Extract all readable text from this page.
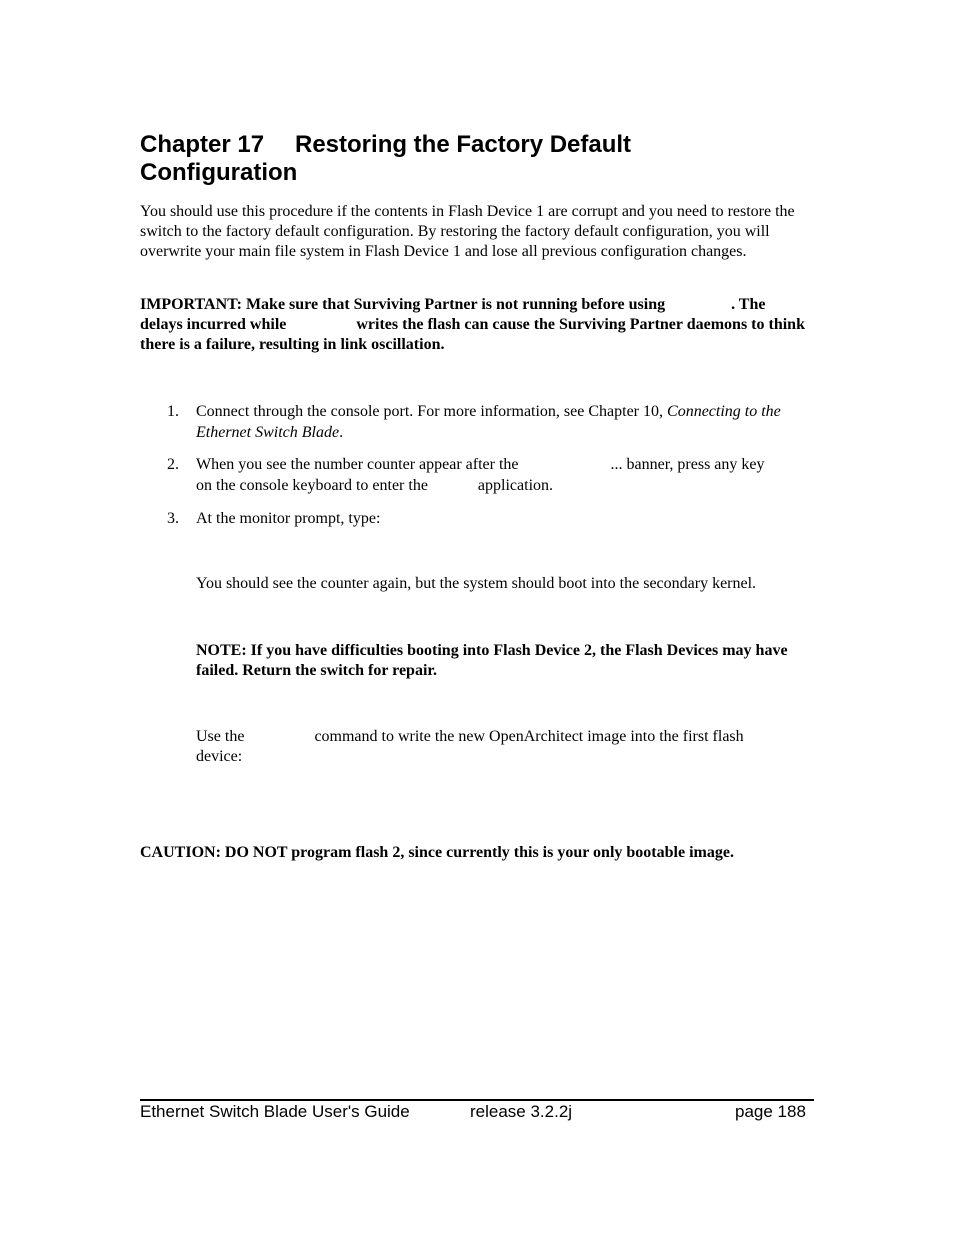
Chapter 17 Restoring the Factory Default
Configuration
You should use this procedure if the contents in Flash Device 1 are corrupt and you need to restore the switch to the factory default configuration. By restoring the factory default configuration, you will overwrite your main file system in Flash Device 1 and lose all previous configuration changes.
IMPORTANT: Make sure that Surviving Partner is not running before using	. The
delays incurred while	writes the flash can cause the Surviving Partner daemons to think there is a failure, resulting in link oscillation.
1. Connect through the console port. For more information, see Chapter 10, Connecting to the Ethernet Switch Blade.
2. When you see the number counter appear after the	... banner, press any key
on the console keyboard to enter the	application.
3. At the monitor prompt, type:
You should see the counter again, but the system should boot into the secondary kernel.
NOTE: If you have difficulties booting into Flash Device 2, the Flash Devices may have failed. Return the switch for repair.
Use the	command to write the new OpenArchitect image into the first flash
device:
CAUTION: DO NOT program flash 2, since currently this is your only bootable image.
Ethernet Switch Blade User's Guide	release 3.2.2j	page 188
